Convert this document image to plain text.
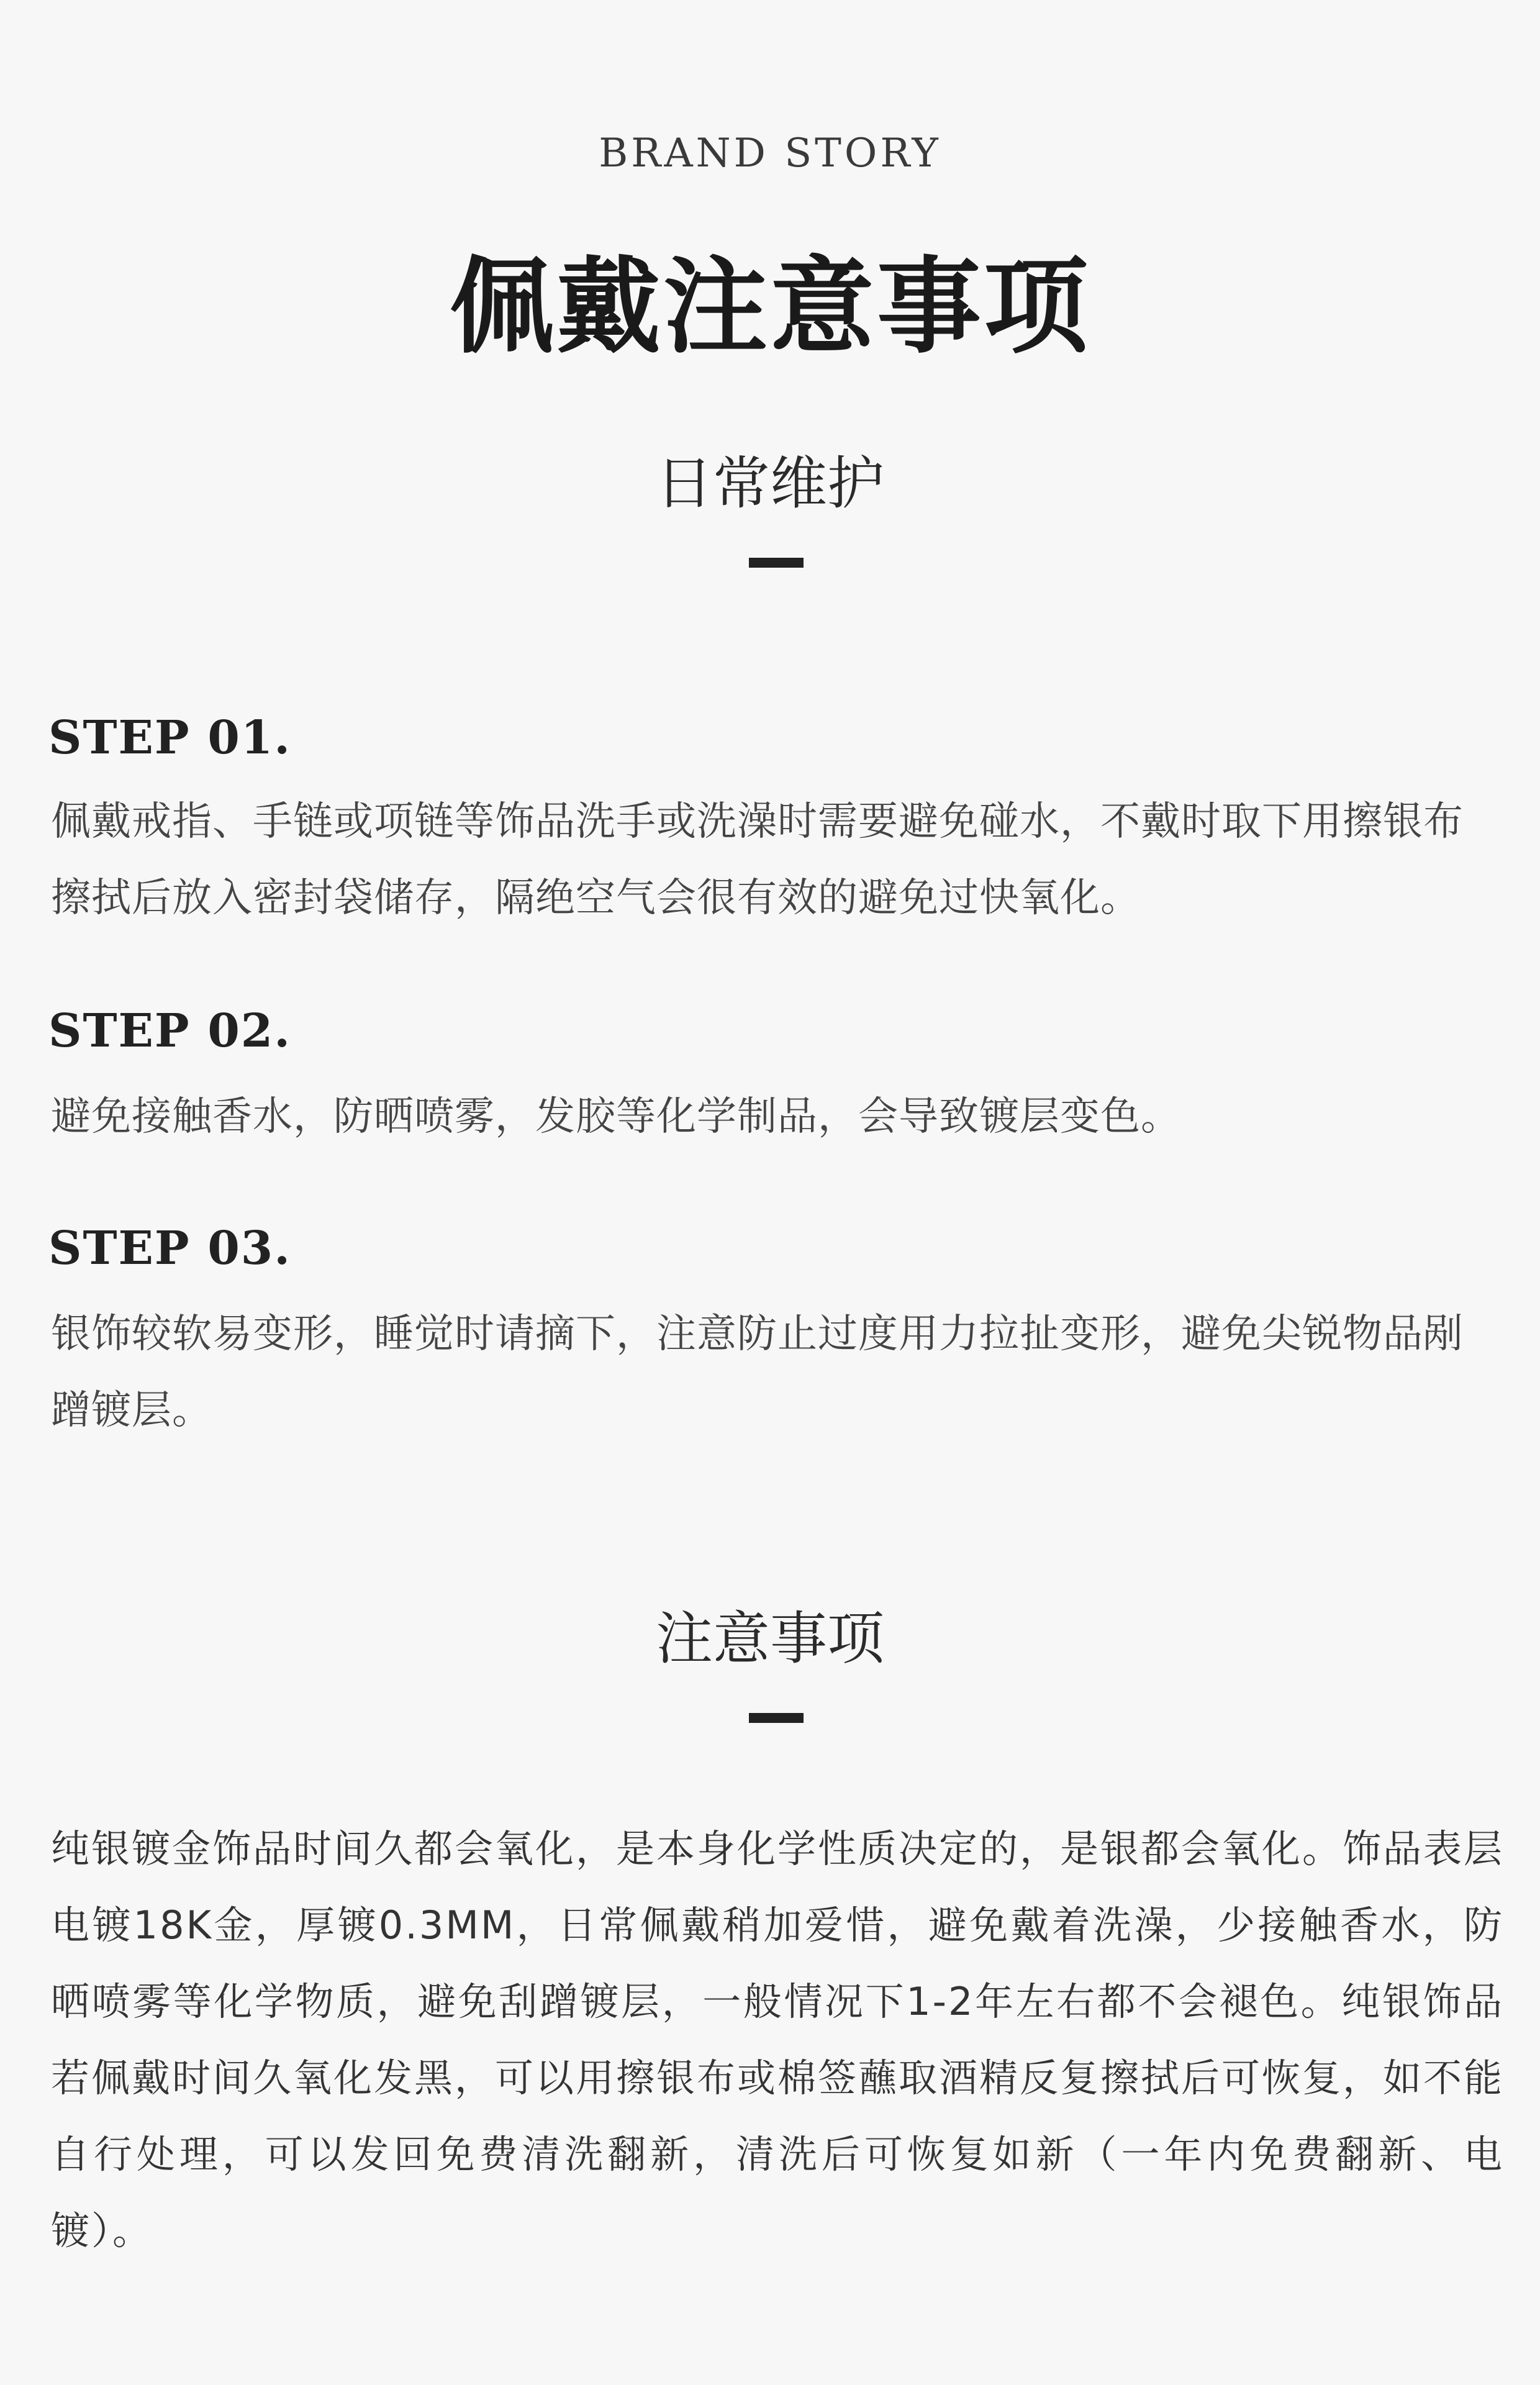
BRAND STORY
佩戴注意事项
日常维护
STEP 01.
佩戴戒指、手链或项链等饰品洗手或洗澡时需要避免碰水，不戴时取下用擦银布擦拭后放入密封袋储存，隔绝空气会很有效的避免过快氧化。
STEP 02.
避免接触香水，防晒喷雾，发胶等化学制品，会导致镀层变色。
STEP 03.
银饰较软易变形，睡觉时请摘下，注意防止过度用力拉扯变形，避免尖锐物品剐蹭镀层。
注意事项
纯银镀金饰品时间久都会氧化，是本身化学性质决定的，是银都会氧化。饰品表层电镀18K金，厚镀0.3MM，日常佩戴稍加爱惜，避免戴着洗澡，少接触香水，防晒喷雾等化学物质，避免刮蹭镀层，一般情况下1-2年左右都不会褪色。纯银饰品若佩戴时间久氧化发黑，可以用擦银布或棉签蘸取酒精反复擦拭后可恢复，如不能自行处理，可以发回免费清洗翻新，清洗后可恢复如新（一年内免费翻新、电镀）。
